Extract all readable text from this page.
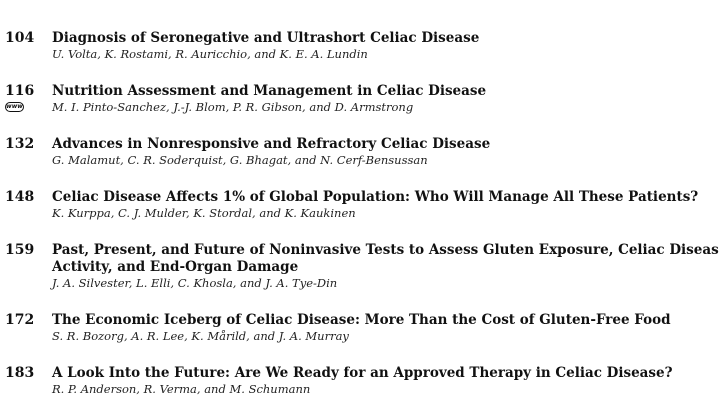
104 Diagnosis of Seronegative and Ultrashort Celiac Disease
U. Volta, K. Rostami, R. Auricchio, and K. E. A. Lundin
116
www
Nutrition Assessment and Management in Celiac Disease
M. I. Pinto-Sanchez, J.-J. Blom, P. R. Gibson, and D. Armstrong
132 Advances in Nonresponsive and Refractory Celiac Disease
G. Malamut, C. R. Soderquist, G. Bhagat, and N. Cerf-Bensussan
148 Celiac Disease Affects 1% of Global Population: Who Will Manage All These Patients?
K. Kurppa, C. J. Mulder, K. Stordal, and K. Kaukinen
159 Past, Present, and Future of Noninvasive Tests to Assess Gluten Exposure, Celiac Diseas
Activity, and End-Organ Damage
J. A. Silvester, L. Elli, C. Khosla, and J. A. Tye-Din
172 The Economic Iceberg of Celiac Disease: More Than the Cost of Gluten-Free Food
S. R. Bozorg, A. R. Lee, K. Mårild, and J. A. Murray
183 A Look Into the Future: Are We Ready for an Approved Therapy in Celiac Disease?
R. P. Anderson, R. Verma, and M. Schumann
